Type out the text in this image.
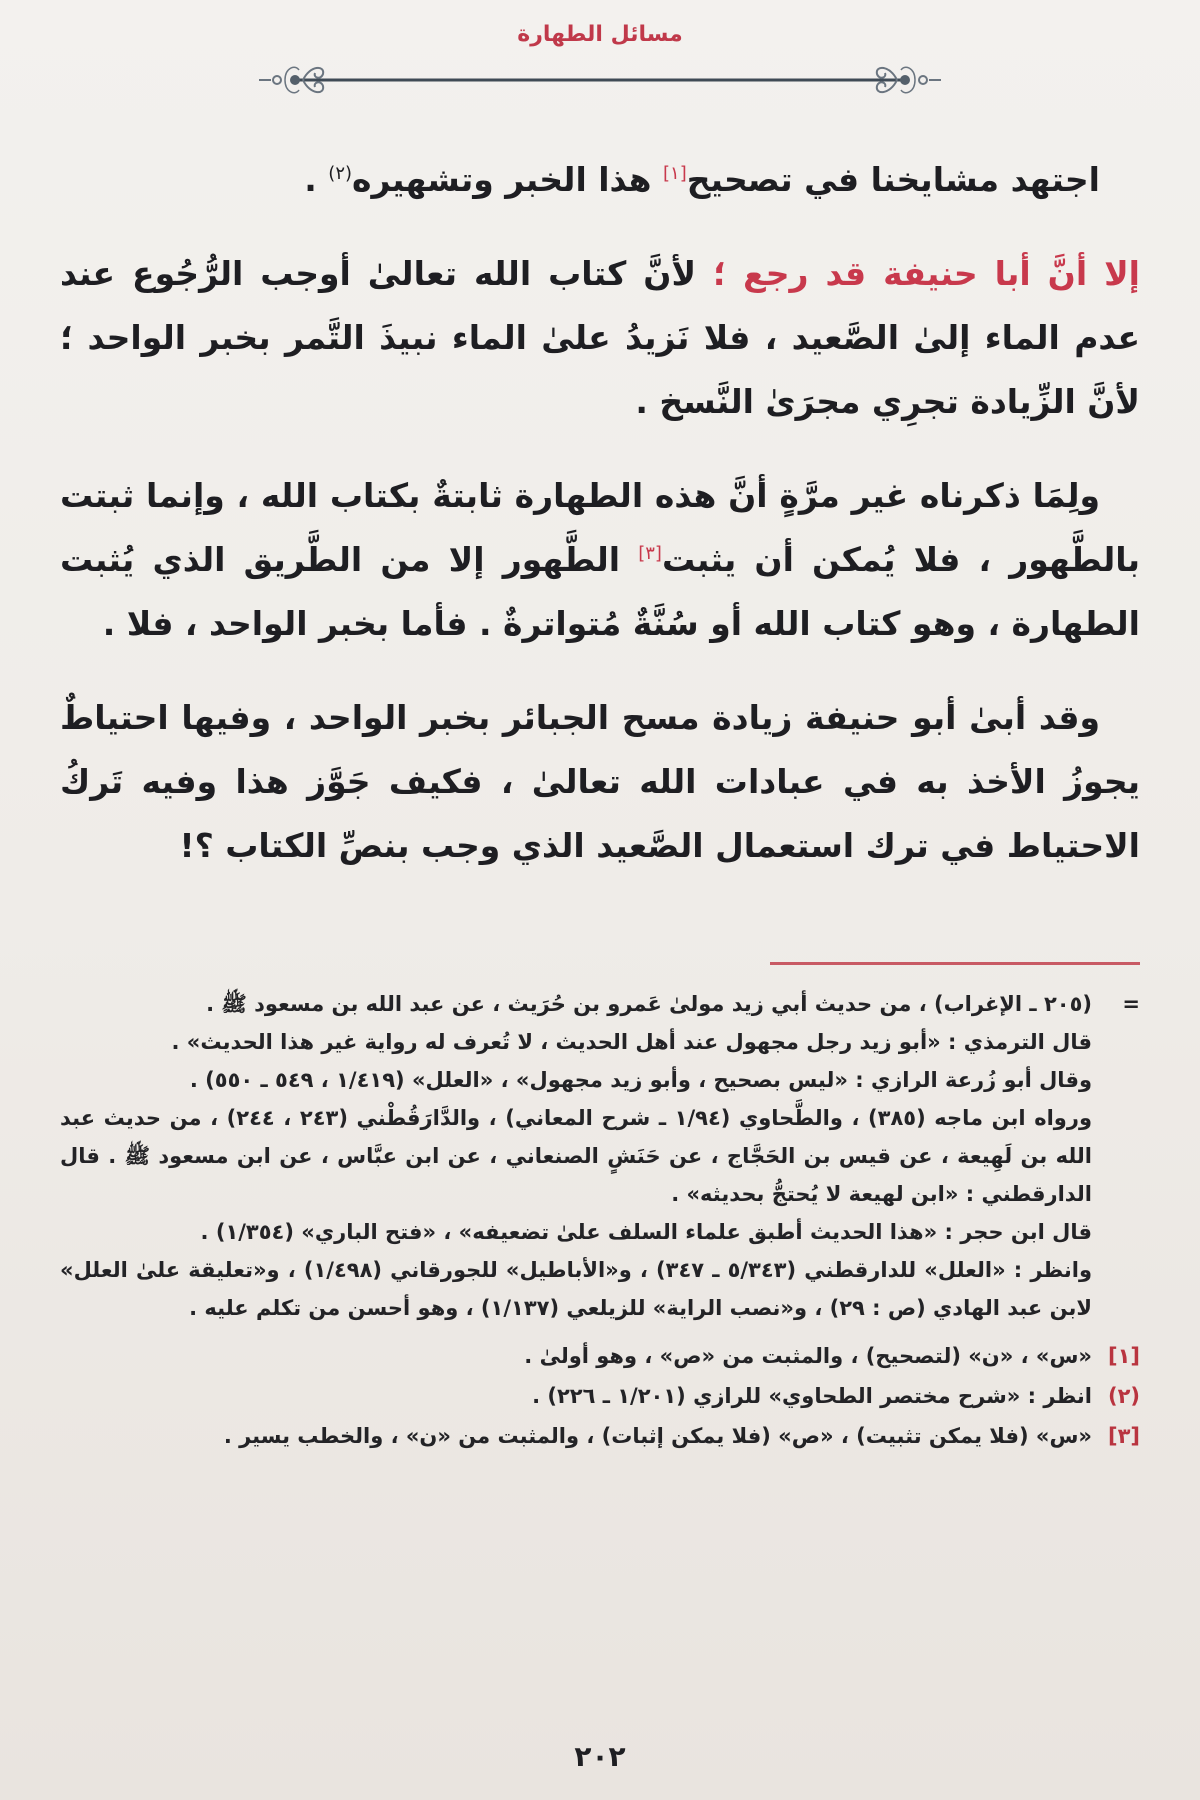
مسائل الطهارة

اجتهد مشايخنا في تصحيح[١] هذا الخبر وتشهيره$^{(٢)}$ .

إلا أنَّ أبا حنيفة قد رجع ؛ لأنَّ كتاب الله تعالىٰ أوجب الرُّجُوع عند عدم الماء إلىٰ الصَّعيد ، فلا نَزيدُ علىٰ الماء نبيذَ التَّمر بخبر الواحد ؛ لأنَّ الزِّيادة تجرِي مجرَىٰ النَّسخ .

ولِمَا ذكرناه غير مرَّةٍ أنَّ هذه الطهارة ثابتةٌ بكتاب الله ، وإنما ثبتت بالطَّهور ، فلا يُمكن أن يثبت[٣] الطَّهور إلا من الطَّريق الذي يُثبت الطهارة ، وهو كتاب الله أو سُنَّةٌ مُتواترةٌ . فأما بخبر الواحد ، فلا .

وقد أبىٰ أبو حنيفة زيادة مسح الجبائر بخبر الواحد ، وفيها احتياطٌ يجوزُ الأخذ به في عبادات الله تعالىٰ ، فكيف جَوَّز هذا وفيه تَركُ الاحتياط في ترك استعمال الصَّعيد الذي وجب بنصِّ الكتاب ؟!

=

(٢٠٥ ـ الإغراب) ، من حديث أبي زيد مولىٰ عَمرو بن حُرَيث ، عن عبد الله بن مسعود ﷺ .

قال الترمذي : «أبو زيد رجل مجهول عند أهل الحديث ، لا تُعرف له رواية غير هذا الحديث» .

وقال أبو زُرعة الرازي : «ليس بصحيح ، وأبو زيد مجهول» ، «العلل» (١/٤١٩ ، ٥٤٩ ـ ٥٥٠) .

ورواه ابن ماجه (٣٨٥) ، والطَّحاوي (١/٩٤ ـ شرح المعاني) ، والدَّارَقُطْني (٢٤٣ ، ٢٤٤) ، من حديث عبد الله بن لَهِيعة ، عن قيس بن الحَجَّاج ، عن حَنَشٍ الصنعاني ، عن ابن عبَّاس ، عن ابن مسعود ﷺ . قال الدارقطني : «ابن لهيعة لا يُحتجُّ بحديثه» .

قال ابن حجر : «هذا الحديث أطبق علماء السلف علىٰ تضعيفه» ، «فتح الباري» (١/٣٥٤) .

وانظر : «العلل» للدارقطني (٥/٣٤٣ ـ ٣٤٧) ، و«الأباطيل» للجورقاني (١/٤٩٨) ، و«تعليقة علىٰ العلل» لابن عبد الهادي (ص : ٢٩) ، و«نصب الراية» للزيلعي (١/١٣٧) ، وهو أحسن من تكلم عليه .

[١]

«س» ، «ن» (لتصحيح) ، والمثبت من «ص» ، وهو أولىٰ .

(٢)

انظر : «شرح مختصر الطحاوي» للرازي (١/٢٠١ ـ ٢٢٦) .

[٣]

«س» (فلا يمكن تثبيت) ، «ص» (فلا يمكن إثبات) ، والمثبت من «ن» ، والخطب يسير .

٢٠٢
